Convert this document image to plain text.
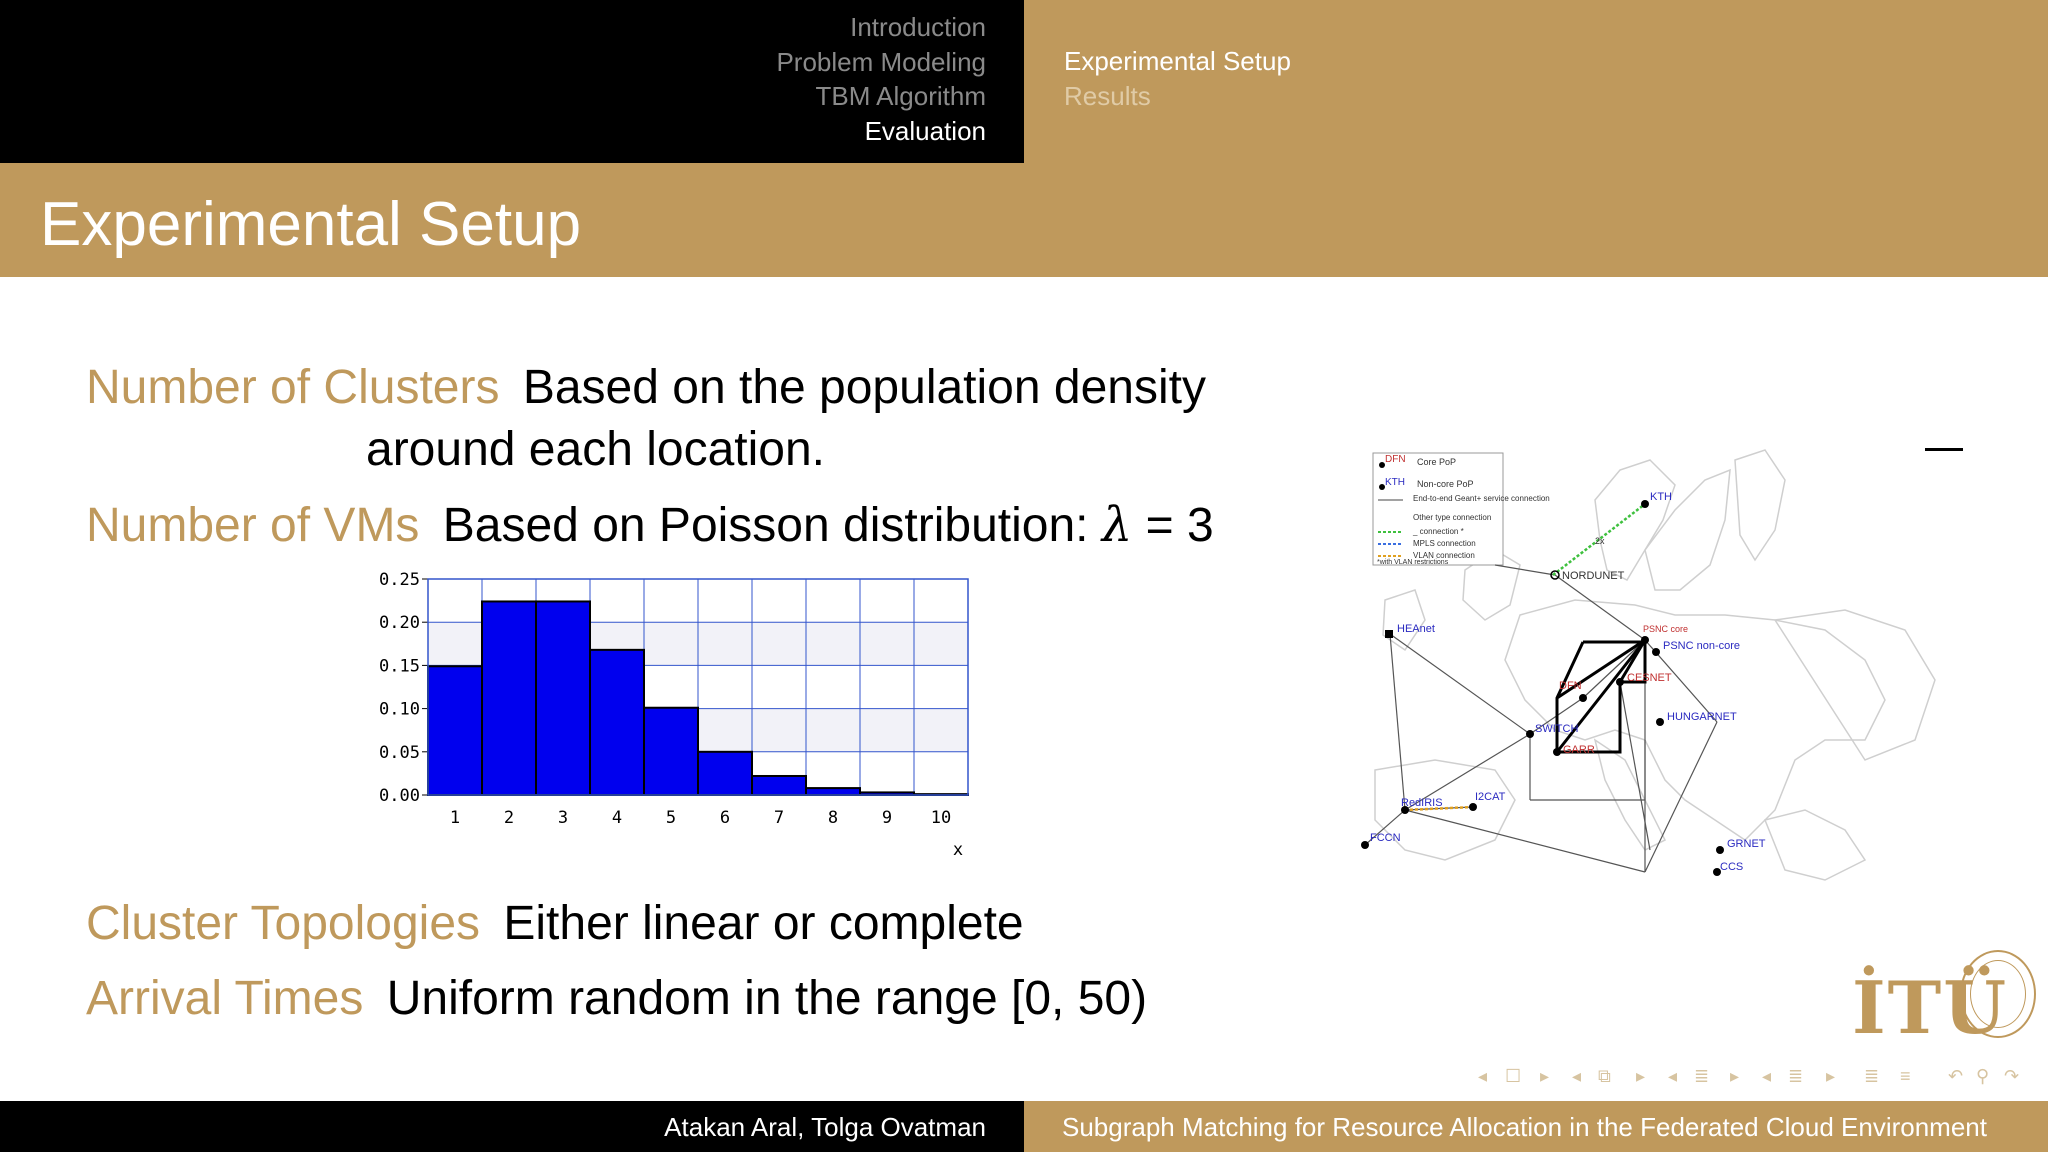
Introduction
Problem Modeling
TBM Algorithm
Evaluation
Experimental Setup
Results
Experimental Setup
Number of Clusters Based on the population density
around each location.
Number of VMs Based on Poisson distribution: λ = 3
0.00
0.05
0.10
0.15
0.20
0.25
1	2	3	4	5	6	7	8	9 10
x
Cluster Topologies Either linear or complete
Arrival Times Uniform random in the range [0, 50)
DFN
KTH
Core PoP
Non-core PoP
End-to-end Geant+ service connection
Other type connection
_ connection *
MPLS connection
VLAN connection
*with VLAN restrictions
KTH
NORDUNET
HEAnet	PSNC core
PSNC non-core
DFN
CESNET
HUNGARNET
SWITCH
GARR
RedIRIS	I2CAT
FCCN	GRNET
CCS
2x
İTÜ
◂ ☐ ▸ ◂ ⧉ ▸ ◂ ≣ ▸ ◂ ≣ ▸ ≣ ≡ ↶ ⚲ ↷
Atakan Aral, Tolga Ovatman	Subgraph Matching for Resource Allocation in the Federated Cloud Environment
